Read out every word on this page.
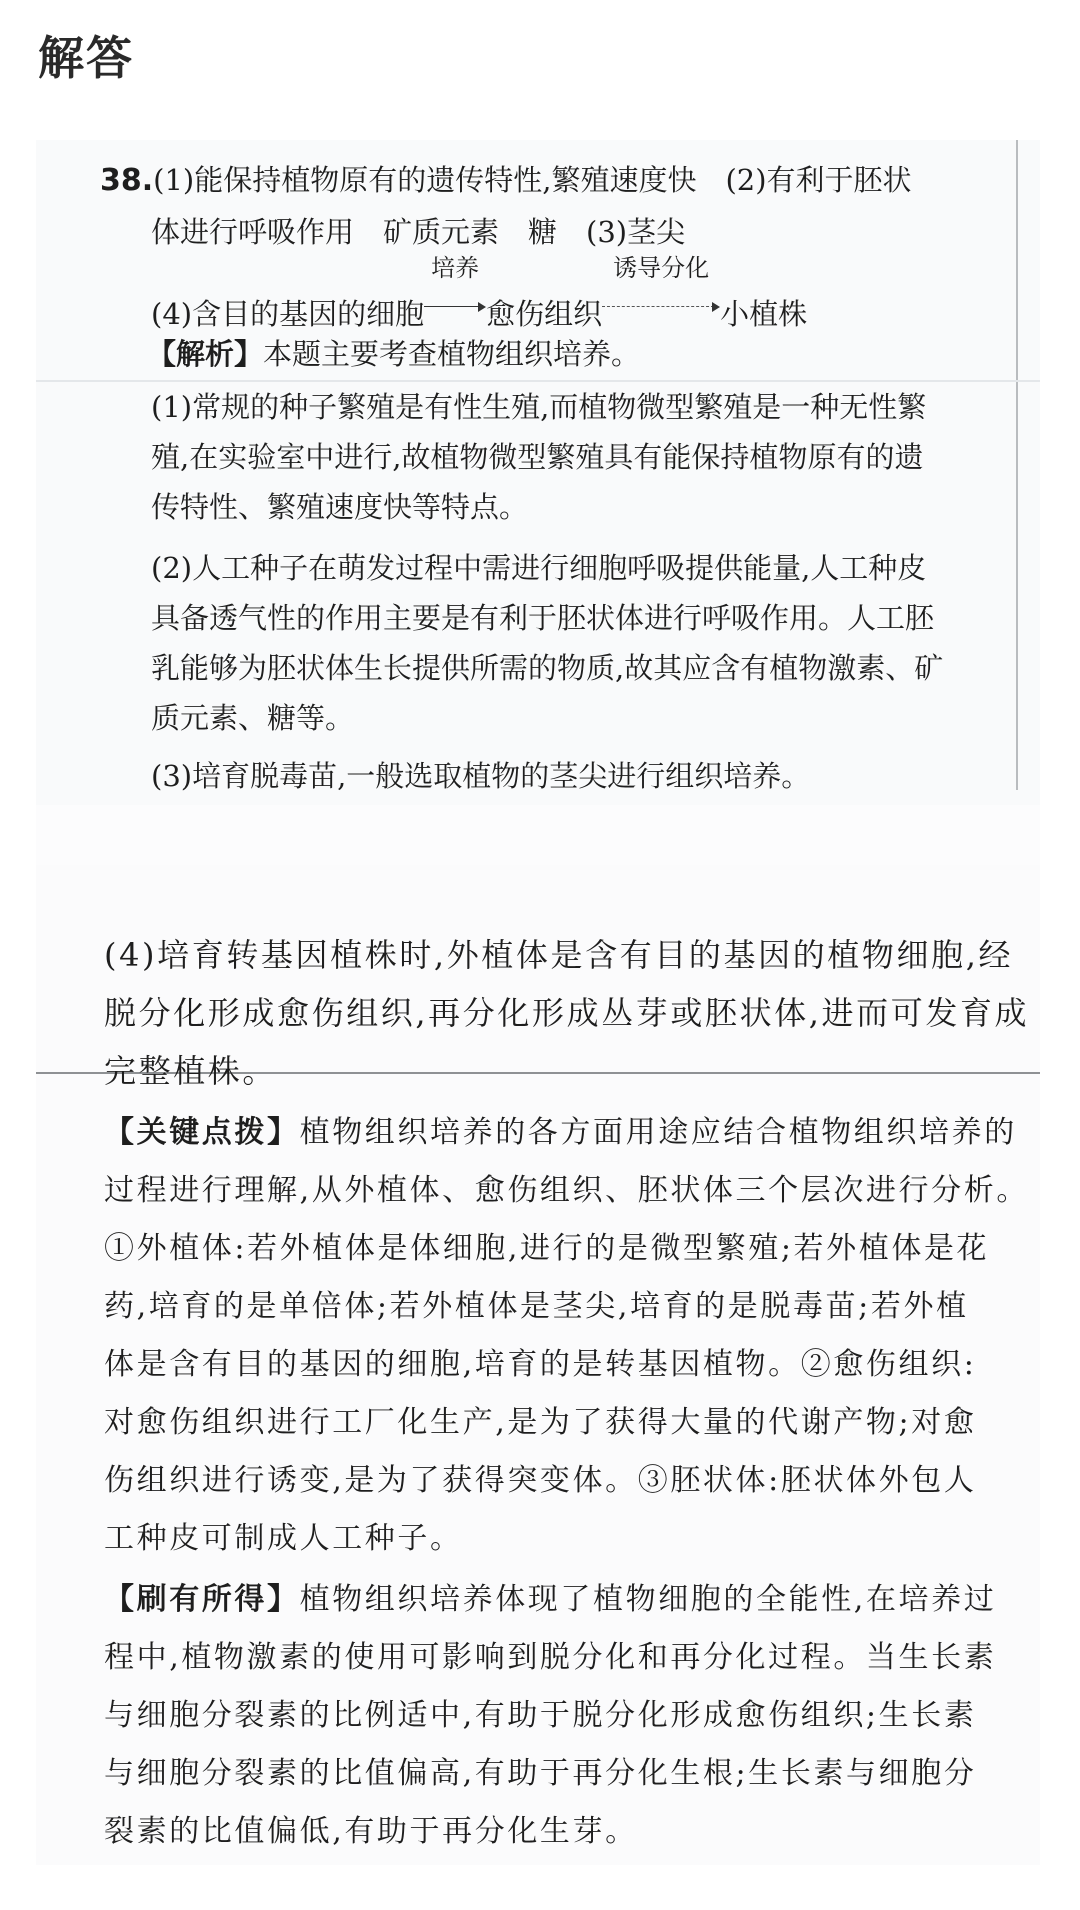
解答
38.(1)能保持植物原有的遗传特性,繁殖速度快　(2)有利于胚状
体进行呼吸作用　矿质元素　糖　(3)茎尖
(4)含目的基因的细胞
培养
愈伤组织
诱导分化
小植株
【解析】本题主要考查植物组织培养。
(1)常规的种子繁殖是有性生殖,而植物微型繁殖是一种无性繁
殖,在实验室中进行,故植物微型繁殖具有能保持植物原有的遗
传特性、繁殖速度快等特点。
(2)人工种子在萌发过程中需进行细胞呼吸提供能量,人工种皮
具备透气性的作用主要是有利于胚状体进行呼吸作用。人工胚
乳能够为胚状体生长提供所需的物质,故其应含有植物激素、矿
质元素、糖等。
(3)培育脱毒苗,一般选取植物的茎尖进行组织培养。
(4)培育转基因植株时,外植体是含有目的基因的植物细胞,经
脱分化形成愈伤组织,再分化形成丛芽或胚状体,进而可发育成
完整植株。
【关键点拨】植物组织培养的各方面用途应结合植物组织培养的
过程进行理解,从外植体、愈伤组织、胚状体三个层次进行分析。
①外植体:若外植体是体细胞,进行的是微型繁殖;若外植体是花
药,培育的是单倍体;若外植体是茎尖,培育的是脱毒苗;若外植
体是含有目的基因的细胞,培育的是转基因植物。②愈伤组织:
对愈伤组织进行工厂化生产,是为了获得大量的代谢产物;对愈
伤组织进行诱变,是为了获得突变体。③胚状体:胚状体外包人
工种皮可制成人工种子。
【刷有所得】植物组织培养体现了植物细胞的全能性,在培养过
程中,植物激素的使用可影响到脱分化和再分化过程。当生长素
与细胞分裂素的比例适中,有助于脱分化形成愈伤组织;生长素
与细胞分裂素的比值偏高,有助于再分化生根;生长素与细胞分
裂素的比值偏低,有助于再分化生芽。
